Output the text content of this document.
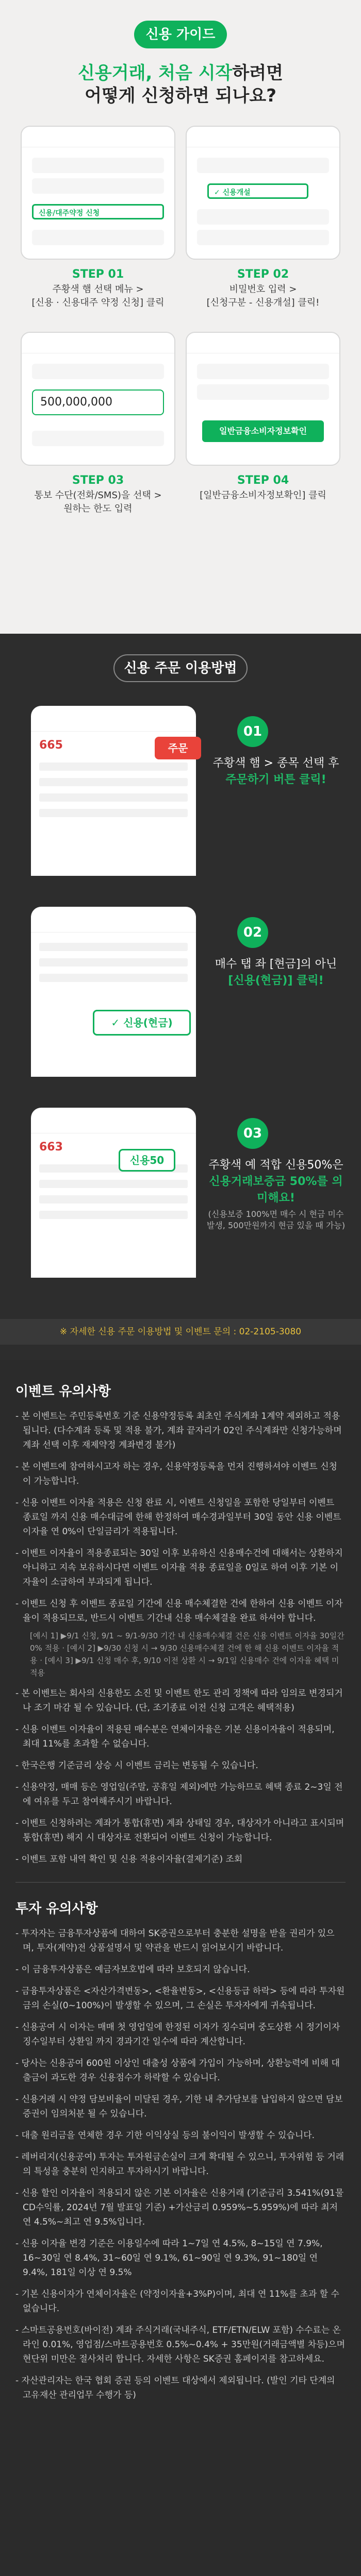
신용 가이드
신용거래, 처음 시작하려면
어떻게 신청하면 되나요?
신용/대주약정 신청
STEP 01
주황색 햄 선택 메뉴 >
[신용 · 신용대주 약정 신청] 클릭
✓ 신용개설
STEP 02
비밀번호 입력 >
[신청구분 - 신용개설] 클릭!
500,000,000
STEP 03
통보 수단(전화/SMS)을 선택 >
원하는 한도 입력
일반금융소비자정보확인
STEP 04
[일반금융소비자정보확인] 클릭
신용 주문 이용방법
665	주문
01
주황색 햄 > 종목 선택 후
주문하기 버튼 클릭!
✓ 신용(현금)
02
매수 탭 좌 [현금]의 아닌
[신용(현금)] 클릭!
663
신용50
03
주황색 예 적합 신용50%은
신용거래보증금 50%를 의미해요!
(신용보증 100%면 매수 시 현금 미수 발생, 500만원까지 현금 있을 때 가능)
※ 자세한 신용 주문 이용방법 및 이벤트 문의 : 02-2105-3080
이벤트 유의사항

- 본 이벤트는 주민등록번호 기준 신용약정등록 최초인 주식계좌 1계약 제외하고 적용됩니다. (다수계좌 등록 및 적용 불가, 계좌 끝자리가 02인 주식계좌만 신청가능하며 계좌 선택 이후 재제약정 계좌변경 불가)

- 본 이벤트에 참여하시고자 하는 경우, 신용약정등록을 먼저 진행하셔야 이벤트 신청이 가능합니다.

- 신용 이벤트 이자율 적용은 신청 완료 시, 이벤트 신청일을 포함한 당일부터 이벤트 종료일 까지 신용 매수대금에 한해 한정하여 매수경과일부터 30일 동안 신용 이벤트 이자율 연 0%이 단일금리가 적용됩니다.

- 이벤트 이자율이 적용종료되는 30일 이후 보유하신 신용매수건에 대해서는 상환하지 아니하고 지속 보유하시다면 이벤트 이자율 적용 종료일을 0일로 하여 이후 기본 이자율이 소급하여 부과되게 됩니다.

- 이벤트 신청 후 이벤트 종료일 기간에 신용 매수체결한 건에 한하여 신용 이벤트 이자율이 적용되므로, 반드시 이벤트 기간내 신용 매수체결을 완료 하셔야 합니다.

[예시 1] ▶9/1 신청, 9/1 ~ 9/1-9/30 기간 내 신용매수체결 건은 신용 이벤트 이자율 30일간 0% 적용 · [예시 2] ▶9/30 신청 시 → 9/30 신용매수체결 건에 한 해 신용 이벤트 이자율 적용 · [예시 3] ▶9/1 신청 매수 후, 9/10 이전 상환 시 → 9/1일 신용매수 건에 이자율 혜택 미적용

- 본 이벤트는 회사의 신용한도 소진 및 이벤트 한도 관리 정책에 따라 임의로 변경되거나 조기 마감 될 수 있습니다. (단, 조기종료 이전 신청 고객은 혜택적용)

- 신용 이벤트 이자율이 적용된 매수분은 연체이자율은 기본 신용이자율이 적용되며, 최대 11%를 초과할 수 없습니다.

- 한국은행 기준금리 상승 시 이벤트 금리는 변동될 수 있습니다.

- 신용약정, 매매 등은 영업일(주말, 공휴일 제외)에만 가능하므로 혜택 종료 2~3일 전에 여유를 두고 참여해주시기 바랍니다.

- 이벤트 신청하려는 계좌가 통합(휴면) 계좌 상태일 경우, 대상자가 아니라고 표시되며 통합(휴면) 해지 시 대상자로 전환되어 이벤트 신청이 가능합니다.

- 이벤트 포함 내역 확인 및 신용 적용이자율(결제기준) 조회

투자 유의사항

- 투자자는 금융투자상품에 대하여 SK증권으로부터 충분한 설명을 받을 권리가 있으며, 투자(계약)전 상품설명서 및 약관을 반드시 읽어보시기 바랍니다.

- 이 금융투자상품은 예금자보호법에 따라 보호되지 않습니다.

- 금융투자상품은 <자산가격변동>, <환율변동>, <신용등급 하락> 등에 따라 투자원금의 손실(0~100%)이 발생할 수 있으며, 그 손실은 투자자에게 귀속됩니다.

- 신용공여 시 이자는 매매 첫 영업일에 한정된 이자가 징수되며 중도상환 시 정기이자 징수일부터 상환일 까지 경과기간 일수에 따라 계산합니다.

- 당사는 신용공여 600원 이상인 대출성 상품에 가입이 가능하며, 상환능력에 비해 대출금이 과도한 경우 신용점수가 하락할 수 있습니다.

- 신용거래 시 약정 담보비율이 미달된 경우, 기한 내 추가담보를 납입하지 않으면 담보증권이 임의처분 될 수 있습니다.

- 대출 원리금을 연체한 경우 기한 이익상실 등의 불이익이 발생할 수 있습니다.

- 레버리지(신용공여) 투자는 투자원금손실이 크게 확대될 수 있으니, 투자위험 등 거래의 특성을 충분히 인지하고 투자하시기 바랍니다.

- 신용 할인 이자율이 적용되지 않은 기본 이자율은 신용거래 (기준금리 3.541%(91물 CD수익률, 2024년 7월 발표일 기준) +가산금리 0.959%~5.959%)에 따라 최저 연 4.5%~최고 연 9.5%입니다.

- 신용 이자율 변경 기준은 이용일수에 따라 1~7일 연 4.5%, 8~15일 연 7.9%, 16~30일 연 8.4%, 31~60일 연 9.1%, 61~90일 연 9.3%, 91~180일 연 9.4%, 181일 이상 연 9.5%

- 기본 신용이자가 연체이자율은 (약정이자율+3%P)이며, 최대 연 11%를 초과 할 수 없습니다.

- 스마트공용번호(바이전) 계좌 주식거래(국내주식, ETF/ETN/ELW 포함) 수수료는 온라인 0.01%, 영업점/스마트공용번호 0.5%~0.4% + 35만원(거래금액별 차등)으며 현단위 미만은 절사처리 합니다. 자세한 사항은 SK증권 홈페이지를 참고하세요.

- 자산관리자는 한국 협회 증권 등의 이벤트 대상에서 제외됩니다. (발인 기타 단계의 고유재산 관리업무 수행가 등)
